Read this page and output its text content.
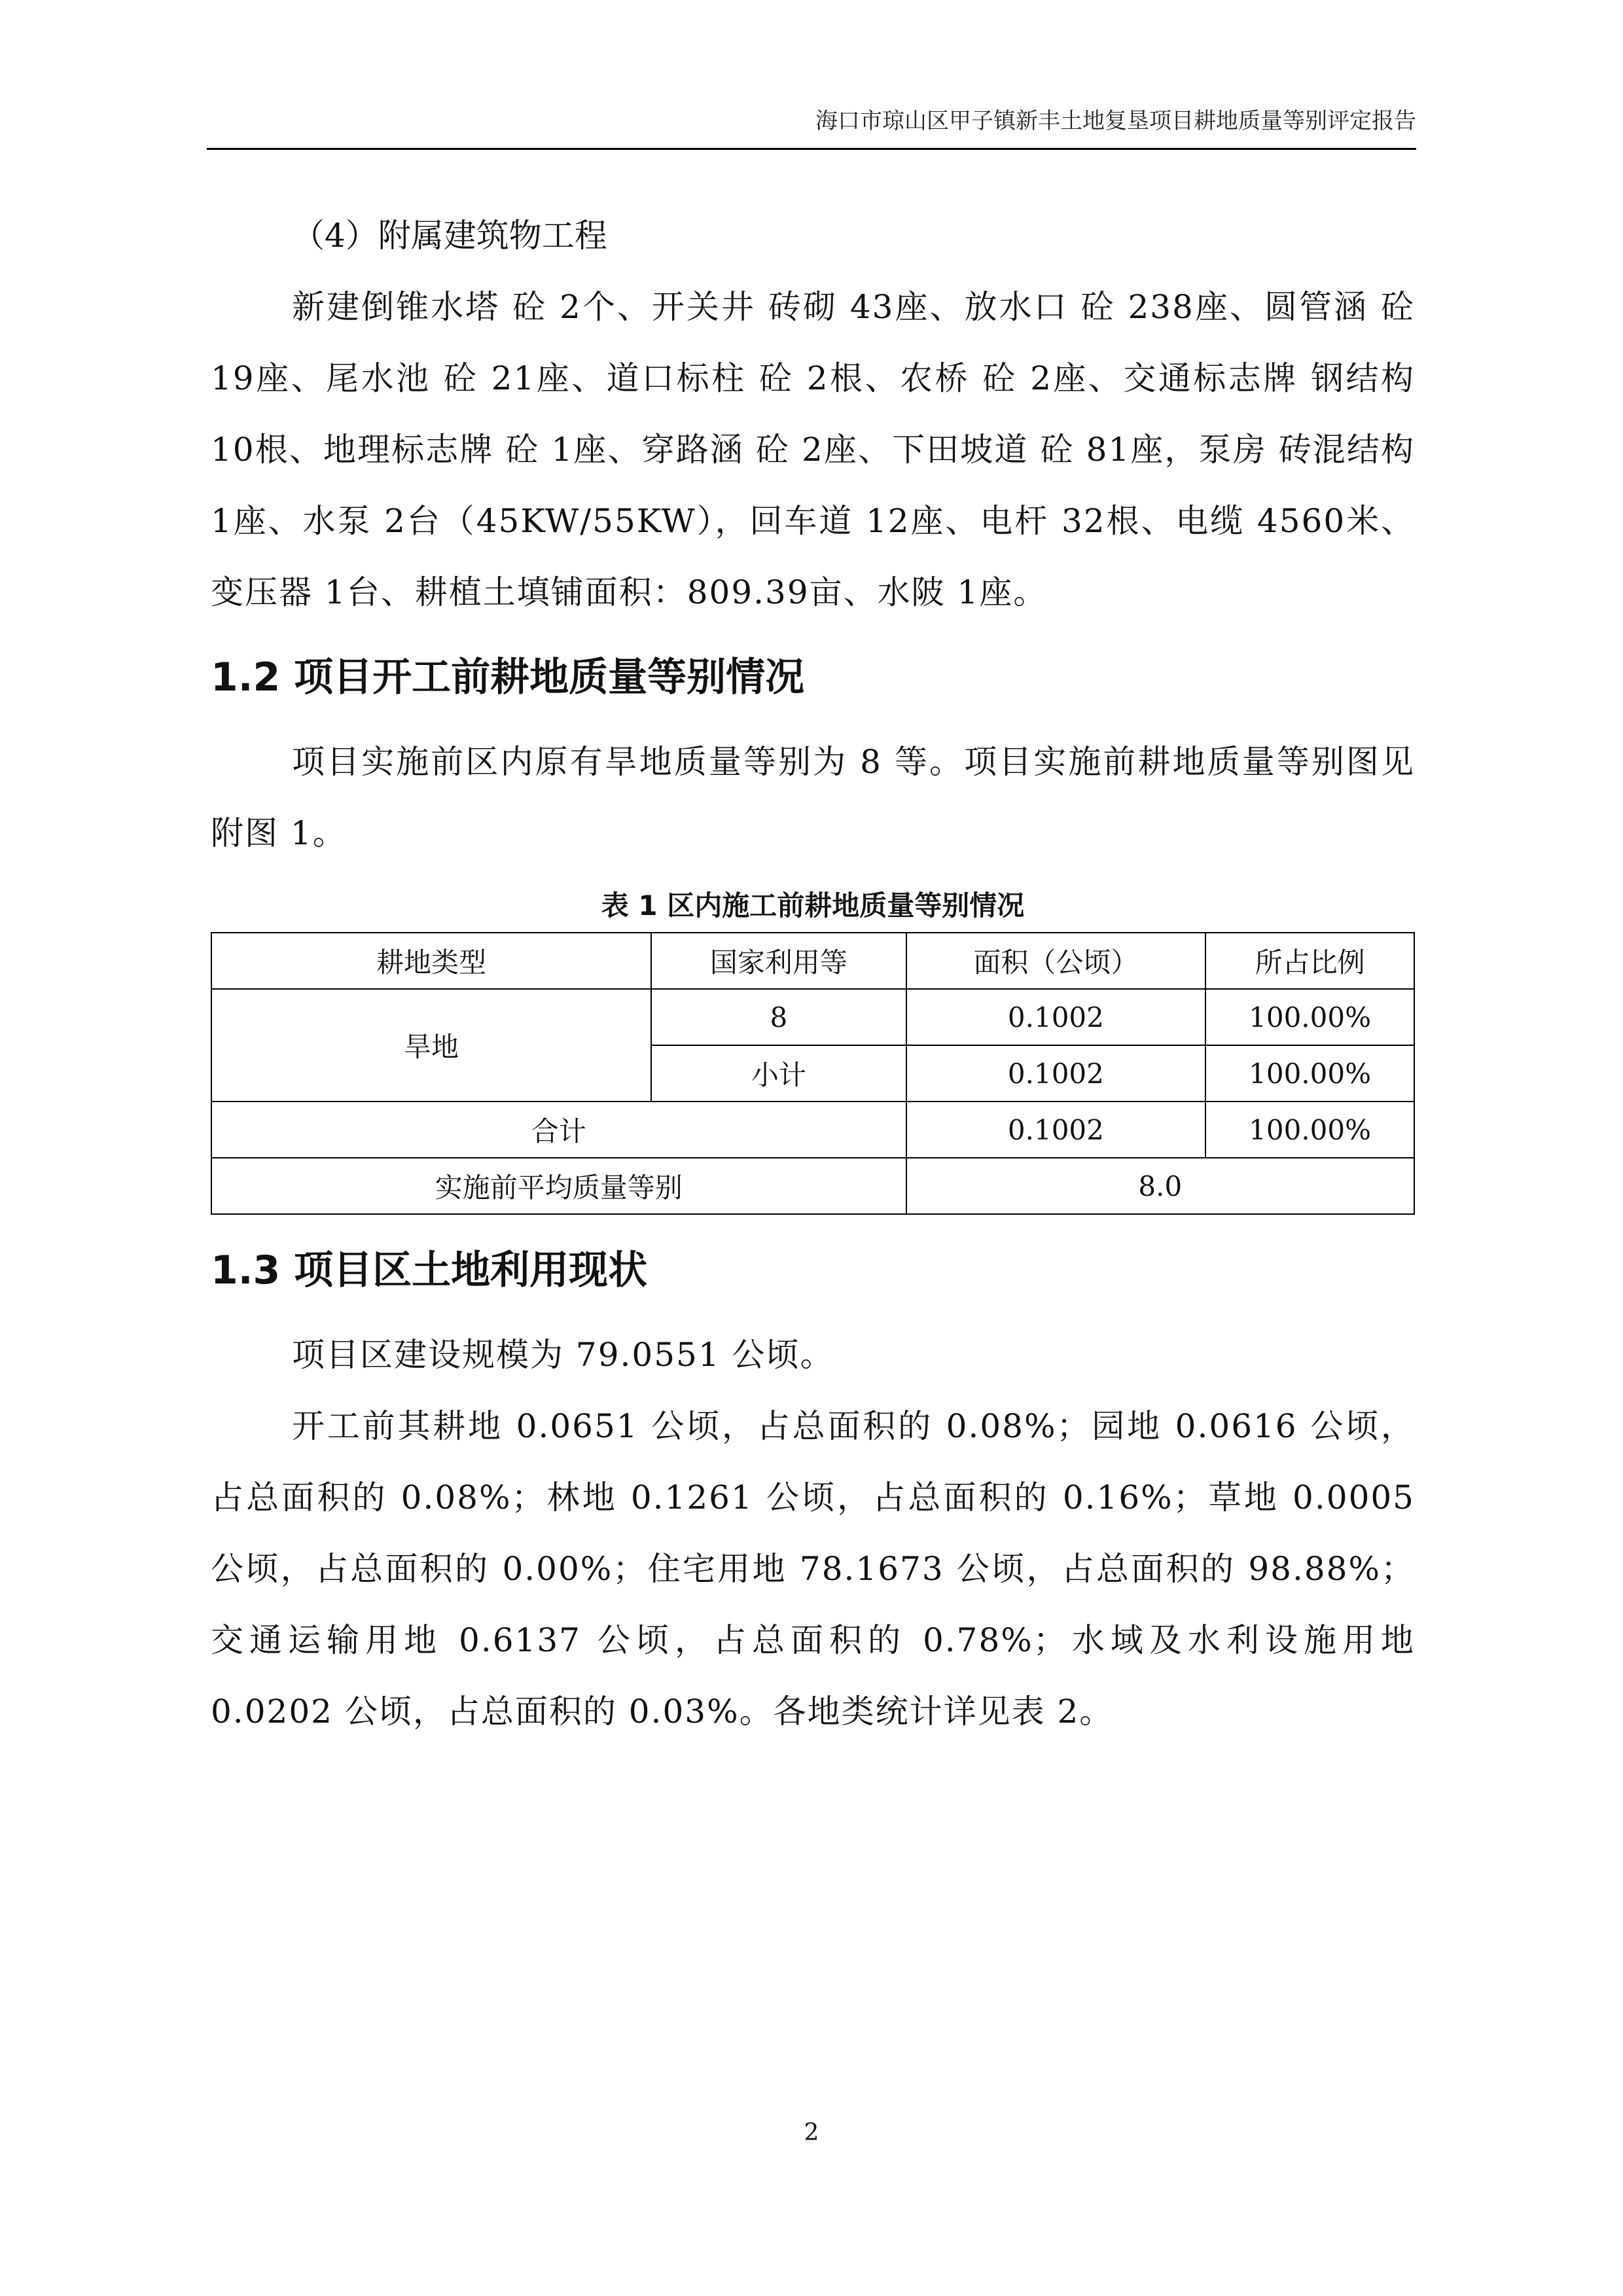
海口市琼山区甲子镇新丰土地复垦项目耕地质量等别评定报告

（4）附属建筑物工程

新建倒锥水塔 砼 2个、开关井 砖砌 43座、放水口 砼 238座、圆管涵 砼 19座、尾水池 砼 21座、道口标柱 砼 2根、农桥 砼 2座、交通标志牌 钢结构 10根、地理标志牌 砼 1座、穿路涵 砼 2座、下田坡道 砼 81座，泵房 砖混结构 1座、水泵 2台（45KW/55KW），回车道 12座、电杆 32根、电缆 4560米、变压器 1台、耕植土填铺面积：809.39亩、水陂 1座。

1.2 项目开工前耕地质量等别情况

项目实施前区内原有旱地质量等别为 8 等。项目实施前耕地质量等别图见附图 1。

表 1 区内施工前耕地质量等别情况
耕地类型	国家利用等	面积（公顷）	所占比例
旱地	8	0.1002	100.00%
	小计	0.1002	100.00%
合计		0.1002	100.00%
实施前平均质量等别		8.0	
1.3 项目区土地利用现状

项目区建设规模为 79.0551 公顷。

开工前其耕地 0.0651 公顷，占总面积的 0.08%；园地 0.0616 公顷，占总面积的 0.08%；林地 0.1261 公顷，占总面积的 0.16%；草地 0.0005 公顷，占总面积的 0.00%；住宅用地 78.1673 公顷，占总面积的 98.88%；交通运输用地 0.6137 公顷，占总面积的 0.78%；水域及水利设施用地 0.0202 公顷，占总面积的 0.03%。各地类统计详见表 2。

2
